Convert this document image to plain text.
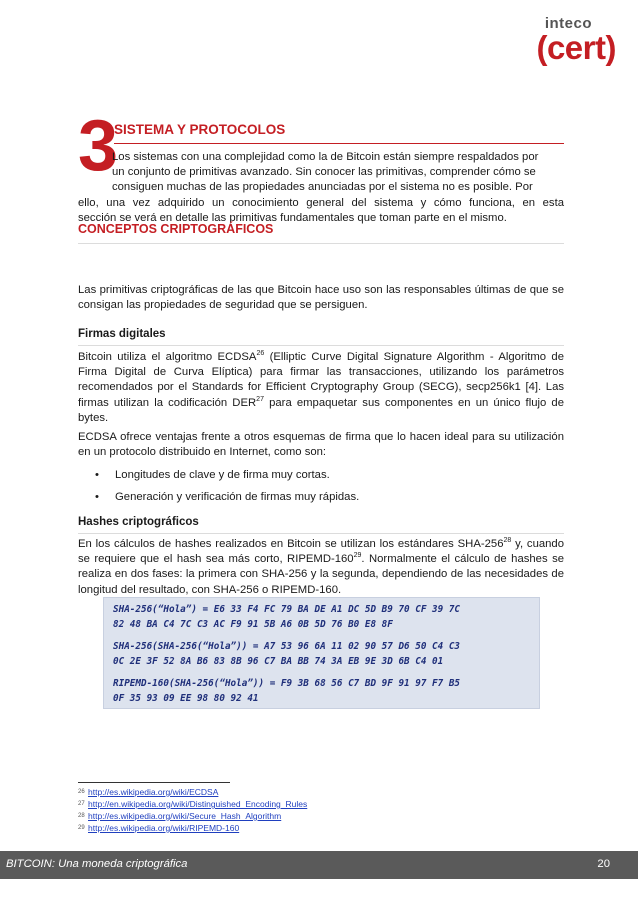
inteco
(cert)
3
SISTEMA Y PROTOCOLOS
Los sistemas con una complejidad como la de Bitcoin están siempre respaldados por
un conjunto de primitivas avanzado. Sin conocer las primitivas, comprender cómo se
consiguen muchas de las propiedades anunciadas por el sistema no es posible. Por
ello, una vez adquirido un conocimiento general del sistema y cómo funciona, en esta
sección se verá en detalle las primitivas fundamentales que toman parte en el mismo.
CONCEPTOS CRIPTOGRÁFICOS
Las primitivas criptográficas de las que Bitcoin hace uso son las responsables últimas de que se consigan las propiedades de seguridad que se persiguen.
Firmas digitales
Bitcoin utiliza el algoritmo ECDSA$^{26}$ (Elliptic Curve Digital Signature Algorithm - Algoritmo de Firma Digital de Curva Elíptica) para firmar las transacciones, utilizando los parámetros recomendados por el Standards for Efficient Cryptography Group (SECG), secp256k1 [4]. Las firmas utilizan la codificación DER$^{27}$ para empaquetar sus componentes en un único flujo de bytes.
ECDSA ofrece ventajas frente a otros esquemas de firma que lo hacen ideal para su utilización en un protocolo distribuido en Internet, como son:
• Longitudes de clave y de firma muy cortas.
• Generación y verificación de firmas muy rápidas.
Hashes criptográficos
En los cálculos de hashes realizados en Bitcoin se utilizan los estándares SHA-$256^{28}$ y, cuando se requiere que el hash sea más corto, RIPEMD-$160^{29}$. Normalmente el cálculo de hashes se realiza en dos fases: la primera con SHA-256 y la segunda, dependiendo de las necesidades de longitud del resultado, con SHA-256 o RIPEMD-160.
SHA-256(“Hola”) = E6 33 F4 FC 79 BA DE A1 DC 5D B9 70 CF 39 7C
82 48 BA C4 7C C3 AC F9 91 5B A6 0B 5D 76 B0 E8 8F
SHA-256(SHA-256(“Hola”)) = A7 53 96 6A 11 02 90 57 D6 50 C4 C3
0C 2E 3F 52 8A B6 83 8B 96 C7 BA BB 74 3A EB 9E 3D 6B C4 01
RIPEMD-160(SHA-256(“Hola”)) = F9 3B 68 56 C7 BD 9F 91 97 F7 B5
0F 35 93 09 EE 98 80 92 41
26 http://es.wikipedia.org/wiki/ECDSA
27 http://en.wikipedia.org/wiki/Distinguished_Encoding_Rules
28 http://es.wikipedia.org/wiki/Secure_Hash_Algorithm
29 http://es.wikipedia.org/wiki/RIPEMD-160
BITCOIN: Una moneda criptográfica	20
